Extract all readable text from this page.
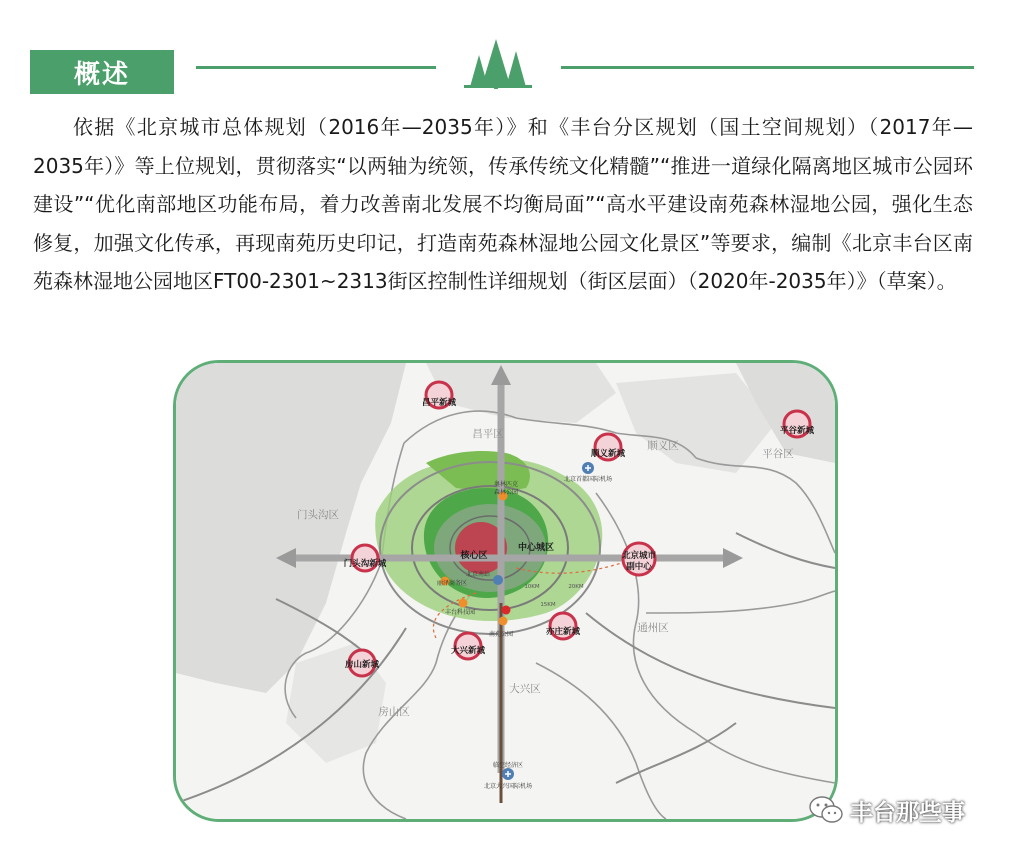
概述

依据《北京城市总体规划（2016年—2035年）》和《丰台分区规划（国土空间规划）（2017年—2035年）》等上位规划，贯彻落实“以两轴为统领，传承传统文化精髓”“推进一道绿化隔离地区城市公园环建设”“优化南部地区功能布局，着力改善南北发展不均衡局面”“高水平建设南苑森林湿地公园，强化生态修复，加强文化传承，再现南苑历史印记，打造南苑森林湿地公园文化景区”等要求，编制《北京丰台区南苑森林湿地公园地区FT00-2301~2313街区控制性详细规划（街区层面）（2020年-2035年）》（草案）。

昌平新城
平谷新城
顺义新城
门头沟新城
北京城市
副中心
房山新城
大兴新城
亦庄新城
昌平区
顺义区
平谷区
门头沟区
通州区
房山区
大兴区
核心区
中心城区
奥林匹克
森林公园
北京首都国际机场
北京南站
丽泽商务区
丰台科技园
南苑公园
临空经济区
北京大兴国际机场
10KM
15KM
20KM
丰台那些事
